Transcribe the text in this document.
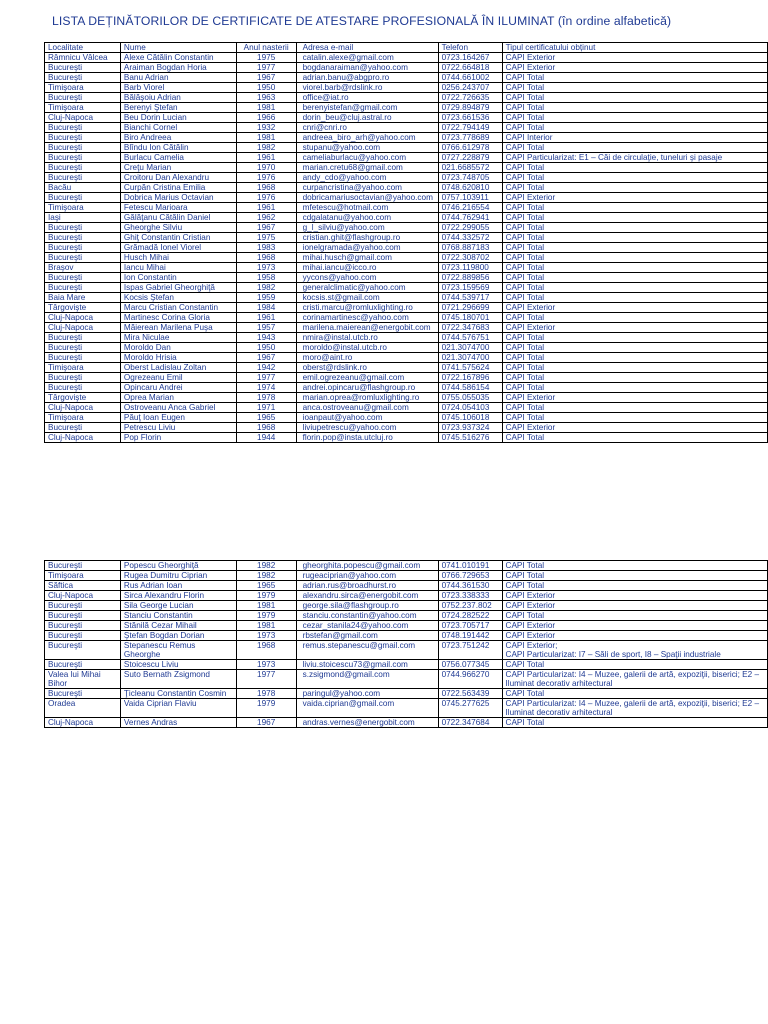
LISTA DEȚINĂTORILOR DE CERTIFICATE DE ATESTARE PROFESIONALĂ ÎN ILUMINAT (în ordine alfabetică)
Localitate	Nume	Anul nasterii	Adresa e-mail	Telefon	Tipul certificatului obținut
Râmnicu Vâlcea	Alexe Cătălin Constantin	1975	catalin.alexe@gmail.com	0723.164267	CAPI Exterior
Bucureşti	Araiman Bogdan Horia	1977	bogdanaraiman@yahoo.com	0722.664818	CAPI Exterior
Bucureşti	Banu Adrian	1967	adrian.banu@abgpro.ro	0744.661002	CAPI Total
Timişoara	Barb Viorel	1950	viorel.barb@rdslink.ro	0256.243707	CAPI Total
Bucureşti	Bălăşoiu Adrian	1963	office@iat.ro	0722.726635	CAPI Total
Timişoara	Berenyi Ştefan	1981	berenyistefan@gmail.com	0729.894879	CAPI Total
Cluj-Napoca	Beu Dorin Lucian	1966	dorin_beu@cluj.astral.ro	0723.661536	CAPI Total
Bucureşti	Bianchi Cornel	1932	cnri@cnri.ro	0722.794149	CAPI Total
Bucureşti	Biro Andreea	1981	andreea_biro_arh@yahoo.com	0723.778689	CAPI Interior
Bucureşti	Blîndu Ion Cătălin	1982	stupanu@yahoo.com	0766.612978	CAPI Total
Bucureşti	Burlacu Camelia	1961	cameliaburlacu@yahoo.com	0727.228879	CAPI Particularizat: E1 – Căi de circulaţie, tuneluri şi pasaje
Bucureşti	Creţu Marian	1970	marian.cretu68@gmail.com	021.6685572	CAPI Total
Bucureşti	Croitoru Dan Alexandru	1976	andy_cdo@yahoo.com	0723.748705	CAPI Total
Bacău	Curpăn Cristina Emilia	1968	curpancristina@yahoo.com	0748.620810	CAPI Total
Bucureşti	Dobrica Marius Octavian	1976	dobricamariusoctavian@yahoo.com	0757.103911	CAPI Exterior
Timişoara	Fetescu Marioara	1961	mfetescu@hotmail.com	0746.216554	CAPI Total
Iaşi	Gălăţanu Cătălin Daniel	1962	cdgalatanu@yahoo.com	0744.762941	CAPI Total
Bucureşti	Gheorghe Silviu	1967	g_l_silviu@yahoo.com	0722.299055	CAPI Total
Bucureşti	Ghiţ Constantin Cristian	1975	cristian.ghit@flashgroup.ro	0744.332572	CAPI Total
Bucureşti	Grămadă Ionel Viorel	1983	ionelgramada@yahoo.com	0768.887183	CAPI Total
Bucureşti	Husch Mihai	1968	mihai.husch@gmail.com	0722.308702	CAPI Total
Braşov	Iancu Mihai	1973	mihai.iancu@icco.ro	0723.119800	CAPI Total
Bucureşti	Ion Constantin	1958	yycons@yahoo.com	0722.889856	CAPI Total
Bucureşti	Ispas Gabriel Gheorghiţă	1982	generalclimatic@yahoo.com	0723.159569	CAPI Total
Baia Mare	Kocsis Ştefan	1959	kocsis.st@gmail.com	0744.539717	CAPI Total
Târgovişte	Marcu Cristian Constantin	1984	cristi.marcu@romluxlighting.ro	0721.296699	CAPI Exterior
Cluj-Napoca	Martinesc Corina Gloria	1961	corinamartinesc@yahoo.com	0745.180701	CAPI Total
Cluj-Napoca	Măierean Marilena Puşa	1957	marilena.maierean@energobit.com	0722.347683	CAPI Exterior
Bucureşti	Mira Niculae	1943	nmira@instal.utcb.ro	0744.576751	CAPI Total
Bucureşti	Moroldo Dan	1950	moroldo@instal.utcb.ro	021.3074700	CAPI Total
Bucureşti	Moroldo Hrisia	1967	moro@aint.ro	021.3074700	CAPI Total
Timişoara	Oberst Ladislau Zoltan	1942	oberst@rdslink.ro	0741.575624	CAPI Total
Bucureşti	Ogrezeanu Emil	1977	emil.ogrezeanu@gmail.com	0722.167896	CAPI Total
Bucureşti	Opincaru Andrei	1974	andrei.opincaru@flashgroup.ro	0744.586154	CAPI Total
Târgovişte	Oprea Marian	1978	marian.oprea@romluxlighting.ro	0755.055035	CAPI Exterior
Cluj-Napoca	Ostroveanu Anca Gabriel	1971	anca.ostroveanu@gmail.com	0724.054103	CAPI Total
Timişoara	Păuţ Ioan Eugen	1965	ioanpaut@yahoo.com	0745.106018	CAPI Total
Bucureşti	Petrescu Liviu	1968	liviupetrescu@yahoo.com	0723.937324	CAPI Exterior
Cluj-Napoca	Pop Florin	1944	florin.pop@insta.utcluj.ro	0745.516276	CAPI Total
Bucureşti	Popescu Gheorghiţă	1982	gheorghita.popescu@gmail.com	0741.010191	CAPI Total
Timişoara	Rugea Dumitru Ciprian	1982	rugeaciprian@yahoo.com	0766.729653	CAPI Total
Săftica	Rus Adrian Ioan	1965	adrian.rus@broadhurst.ro	0744.361530	CAPI Total
Cluj-Napoca	Sirca Alexandru Florin	1979	alexandru.sirca@energobit.com	0723.338333	CAPI Exterior
Bucureşti	Sila George Lucian	1981	george.sila@flashgroup.ro	0752.237.802	CAPI Exterior
Bucureşti	Stanciu Constantin	1979	stanciu.constantin@yahoo.com	0724.282522	CAPI Total
Bucureşti	Stănilă Cezar Mihail	1981	cezar_stanila24@yahoo.com	0723.705717	CAPI Exterior
Bucureşti	Ştefan Bogdan Dorian	1973	rbstefan@gmail.com	0748.191442	CAPI Exterior
Bucureşti	Stepanescu Remus Gheorghe	1968	remus.stepanescu@gmail.com	0723.751242	CAPI Exterior;
CAPI Particularizat: I7 – Săli de sport, I8 – Spaţii industriale
Bucureşti	Stoicescu Liviu	1973	liviu.stoicescu73@gmail.com	0756.077345	CAPI Total
Valea lui Mihai Bihor	Suto Bernath Zsigmond	1977	s.zsigmond@gmail.com	0744.966270	CAPI Particularizat: I4 – Muzee, galerii de artă, expoziţii, biserici; E2 – Iluminat decorativ arhitectural
Bucureşti	Ţicleanu Constantin Cosmin	1978	paringul@yahoo.com	0722.563439	CAPI Total
Oradea	Vaida Ciprian Flaviu	1979	vaida.ciprian@gmail.com	0745.277625	CAPI Particularizat: I4 – Muzee, galerii de artă, expoziţii, biserici; E2 – Iluminat decorativ arhitectural
Cluj-Napoca	Vernes Andras	1967	andras.vernes@energobit.com	0722.347684	CAPI Total
